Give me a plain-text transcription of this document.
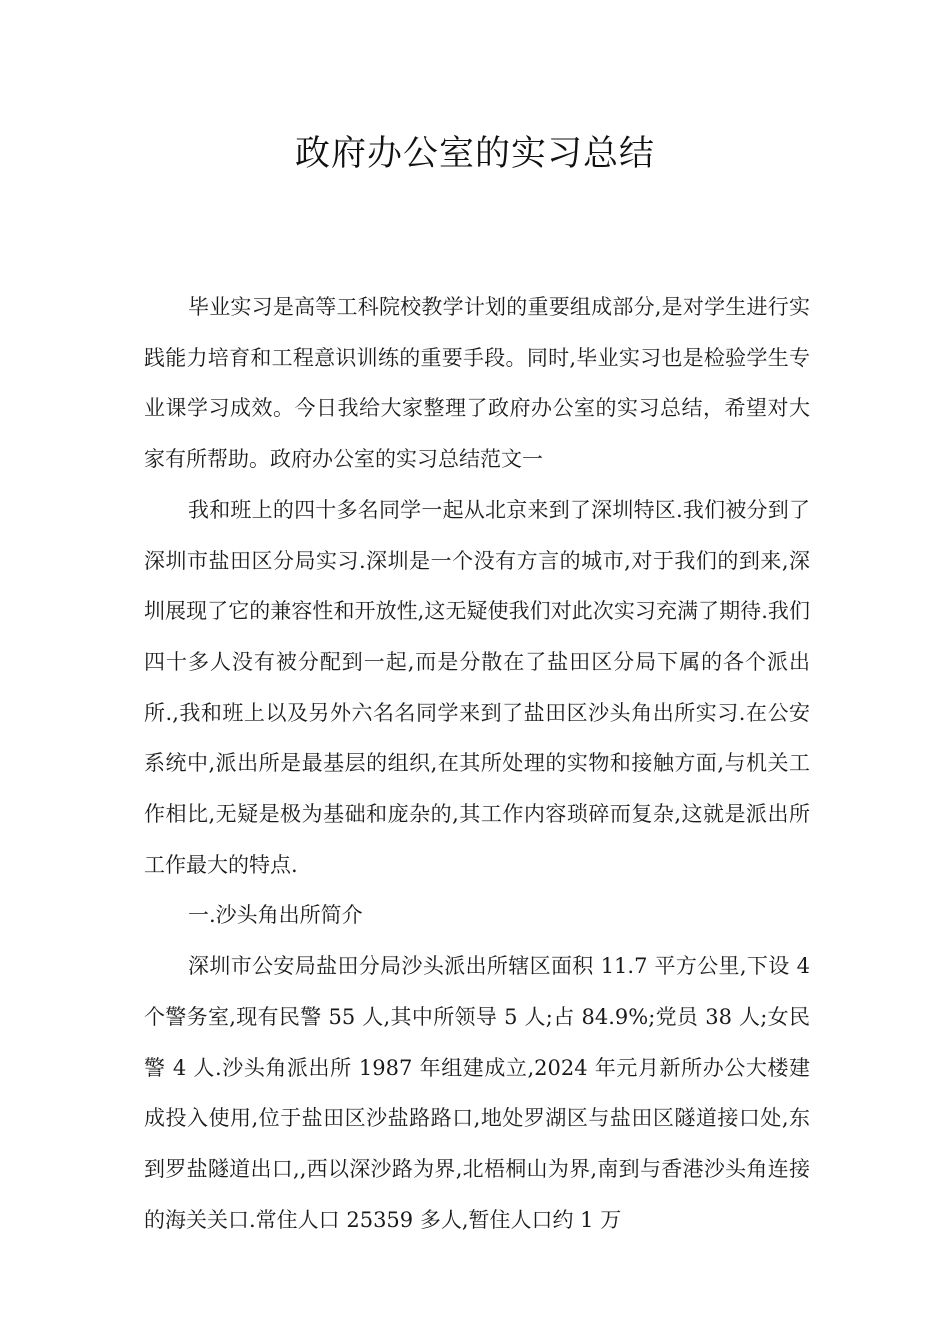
政府办公室的实习总结

毕业实习是高等工科院校教学计划的重要组成部分,是对学生进行实践能力培育和工程意识训练的重要手段。同时,毕业实习也是检验学生专业课学习成效。今日我给大家整理了政府办公室的实习总结，希望对大家有所帮助。政府办公室的实习总结范文一

我和班上的四十多名同学一起从北京来到了深圳特区.我们被分到了深圳市盐田区分局实习.深圳是一个没有方言的城市,对于我们的到来,深圳展现了它的兼容性和开放性,这无疑使我们对此次实习充满了期待.我们四十多人没有被分配到一起,而是分散在了盐田区分局下属的各个派出所.,我和班上以及另外六名名同学来到了盐田区沙头角出所实习.在公安系统中,派出所是最基层的组织,在其所处理的实物和接触方面,与机关工作相比,无疑是极为基础和庞杂的,其工作内容琐碎而复杂,这就是派出所工作最大的特点.

一.沙头角出所简介

深圳市公安局盐田分局沙头派出所辖区面积 11.7 平方公里,下设 4 个警务室,现有民警 55 人,其中所领导 5 人;占 84.9%;党员 38 人;女民警 4 人.沙头角派出所 1987 年组建成立,2024 年元月新所办公大楼建成投入使用,位于盐田区沙盐路路口,地处罗湖区与盐田区隧道接口处,东到罗盐隧道出口,,西以深沙路为界,北梧桐山为界,南到与香港沙头角连接的海关关口.常住人口 25359 多人,暂住人口约 1 万
